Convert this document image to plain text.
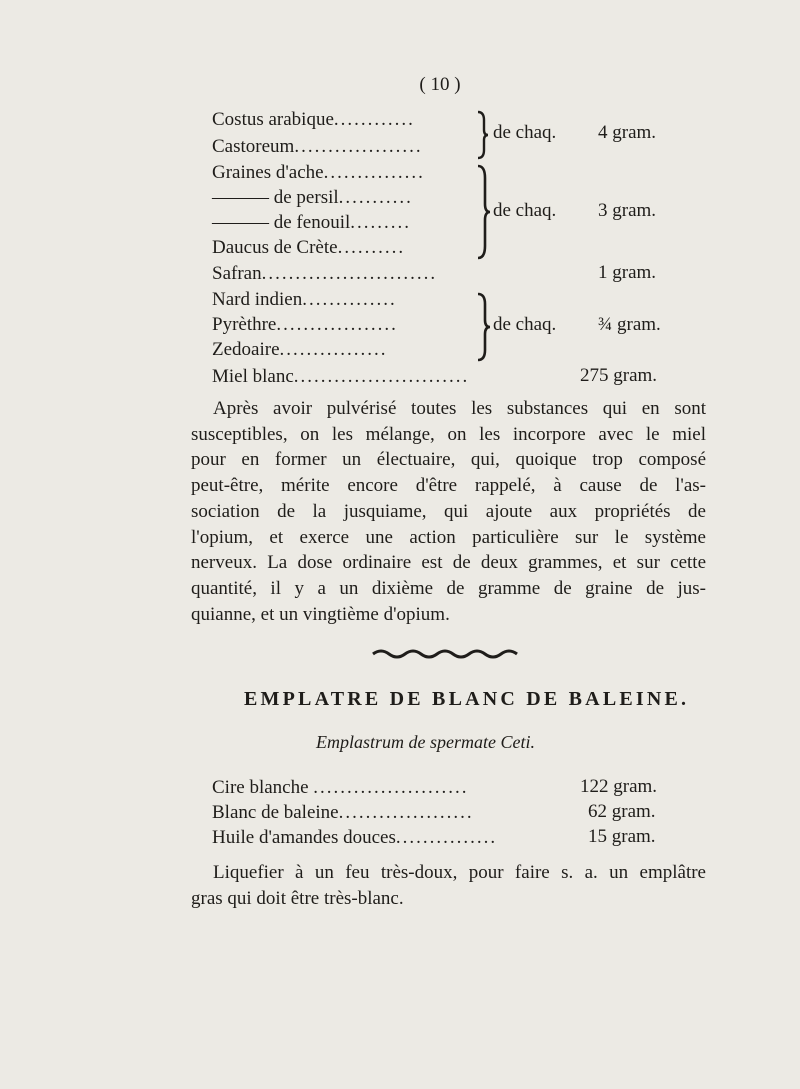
( 10 )
Costus arabique............
Castoreum...................
de chaq. 4 gram.
Graines d'ache...............
——— de persil...........
——— de fenouil.........
Daucus de Crète..........
de chaq. 3 gram.
Safran..........................	1 gram.
Nard indien..............
Pyrèthre..................
Zedoaire................
de chaq. ¾ gram.
Miel blanc..........................	275 gram.
Après avoir pulvérisé toutes les substances qui en sont
susceptibles, on les mélange, on les incorpore avec le miel
pour en former un électuaire, qui, quoique trop composé
peut-être, mérite encore d'être rappelé, à cause de l'as-
sociation de la jusquiame, qui ajoute aux propriétés de
l'opium, et exerce une action particulière sur le système
nerveux. La dose ordinaire est de deux grammes, et sur cette
quantité, il y a un dixième de gramme de graine de jus-
quianne, et un vingtième d'opium.
EMPLATRE DE BLANC DE BALEINE.
Emplastrum de spermate Ceti.
Cire blanche .......................	122 gram.
Blanc de baleine....................	62 gram.
Huile d'amandes douces...............	15 gram.
Liquefier à un feu très-doux, pour faire s. a. un emplâtre
gras qui doit être très-blanc.
